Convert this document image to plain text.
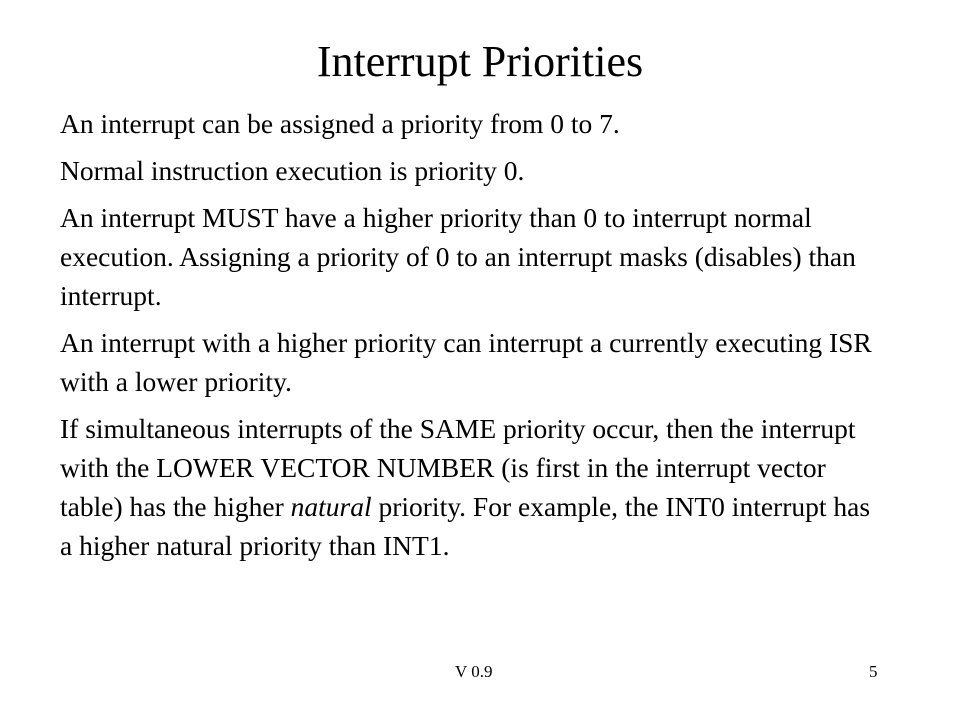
Interrupt Priorities

An interrupt can be assigned a priority from 0 to 7.

Normal instruction execution is priority 0.

An interrupt MUST have a higher priority than 0 to interrupt normal execution. Assigning a priority of 0 to an interrupt masks (disables) than interrupt.

An interrupt with a higher priority can interrupt a currently executing ISR with a lower priority.

If simultaneous interrupts of the SAME priority occur, then the interrupt with the LOWER VECTOR NUMBER (is first in the interrupt vector table) has the higher natural priority. For example, the INT0 interrupt has a higher natural priority than INT1.

V 0.9	5
